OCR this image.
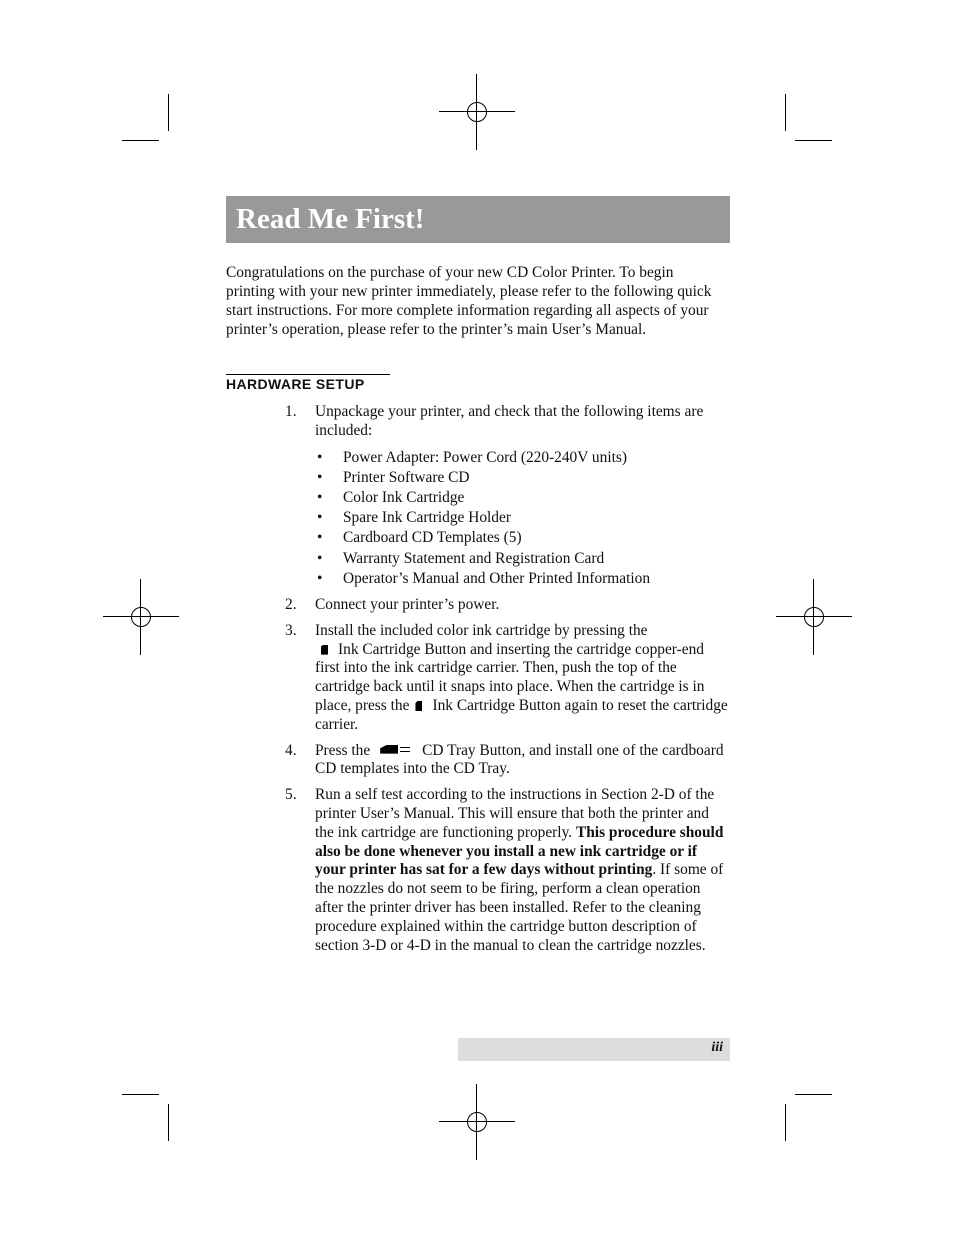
Read Me First!

Congratulations on the purchase of your new CD Color Printer. To begin printing with your new printer immediately, please refer to the following quick start instructions. For more complete information regarding all aspects of your printer’s operation, please refer to the printer’s main User’s Manual.

HARDWARE SETUP
1. Unpackage your printer, and check that the following items are included:
• Power Adapter: Power Cord (220-240V units)
• Printer Software CD
• Color Ink Cartridge
• Spare Ink Cartridge Holder
• Cardboard CD Templates (5)
• Warranty Statement and Registration Card
• Operator’s Manual and Other Printed Information
2. Connect your printer’s power.
3. Install the included color ink cartridge by pressing the
Ink Cartridge Button and inserting the cartridge copper-end first into the ink cartridge carrier. Then, push the top of the cartridge back until it snaps into place. When the cartridge is in place, press the Ink Cartridge Button again to reset the cartridge carrier.
4. Press the	CD Tray Button, and install one of the cardboard CD templates into the CD Tray.
5. Run a self test according to the instructions in Section 2-D of the printer User’s Manual. This will ensure that both the printer and the ink cartridge are functioning properly. This procedure should also be done whenever you install a new ink cartridge or if your printer has sat for a few days without printing. If some of the nozzles do not seem to be firing, perform a clean operation after the printer driver has been installed. Refer to the cleaning procedure explained within the cartridge button description of section 3-D or 4-D in the manual to clean the cartridge nozzles.
iii
